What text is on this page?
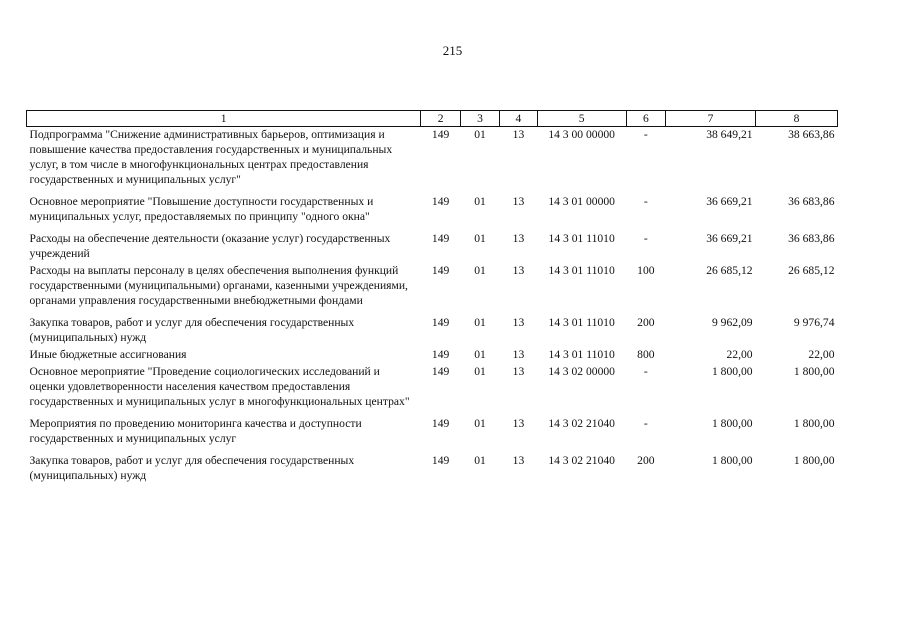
215
1	2	3	4	5	6	7	8
Подпрограмма "Снижение административных барьеров, оптимизация и повышение качества предоставления государственных и муниципальных услуг, в том числе в многофункциональных центрах предоставления государственных и муниципальных услуг"	149	01	13	14 3 00 00000	-	38 649,21	38 663,86
Основное мероприятие "Повышение доступности государственных и муниципальных услуг, предоставляемых по принципу "одного окна"	149	01	13	14 3 01 00000	-	36 669,21	36 683,86
Расходы на обеспечение деятельности (оказание услуг) государственных учреждений	149	01	13	14 3 01 11010	-	36 669,21	36 683,86
Расходы на выплаты персоналу в целях обеспечения выполнения функций государственными (муниципальными) органами, казенными учреждениями, органами управления государственными внебюджетными фондами	149	01	13	14 3 01 11010	100	26 685,12	26 685,12
Закупка товаров, работ и услуг для обеспечения государственных (муниципальных) нужд	149	01	13	14 3 01 11010	200	9 962,09	9 976,74
Иные бюджетные ассигнования	149	01	13	14 3 01 11010	800	22,00	22,00
Основное мероприятие "Проведение социологических исследований и оценки удовлетворенности населения качеством предоставления государственных и муниципальных услуг в многофункциональных центрах"	149	01	13	14 3 02 00000	-	1 800,00	1 800,00
Мероприятия по проведению мониторинга качества и доступности государственных и муниципальных услуг	149	01	13	14 3 02 21040	-	1 800,00	1 800,00
Закупка товаров, работ и услуг для обеспечения государственных (муниципальных) нужд	149	01	13	14 3 02 21040	200	1 800,00	1 800,00
